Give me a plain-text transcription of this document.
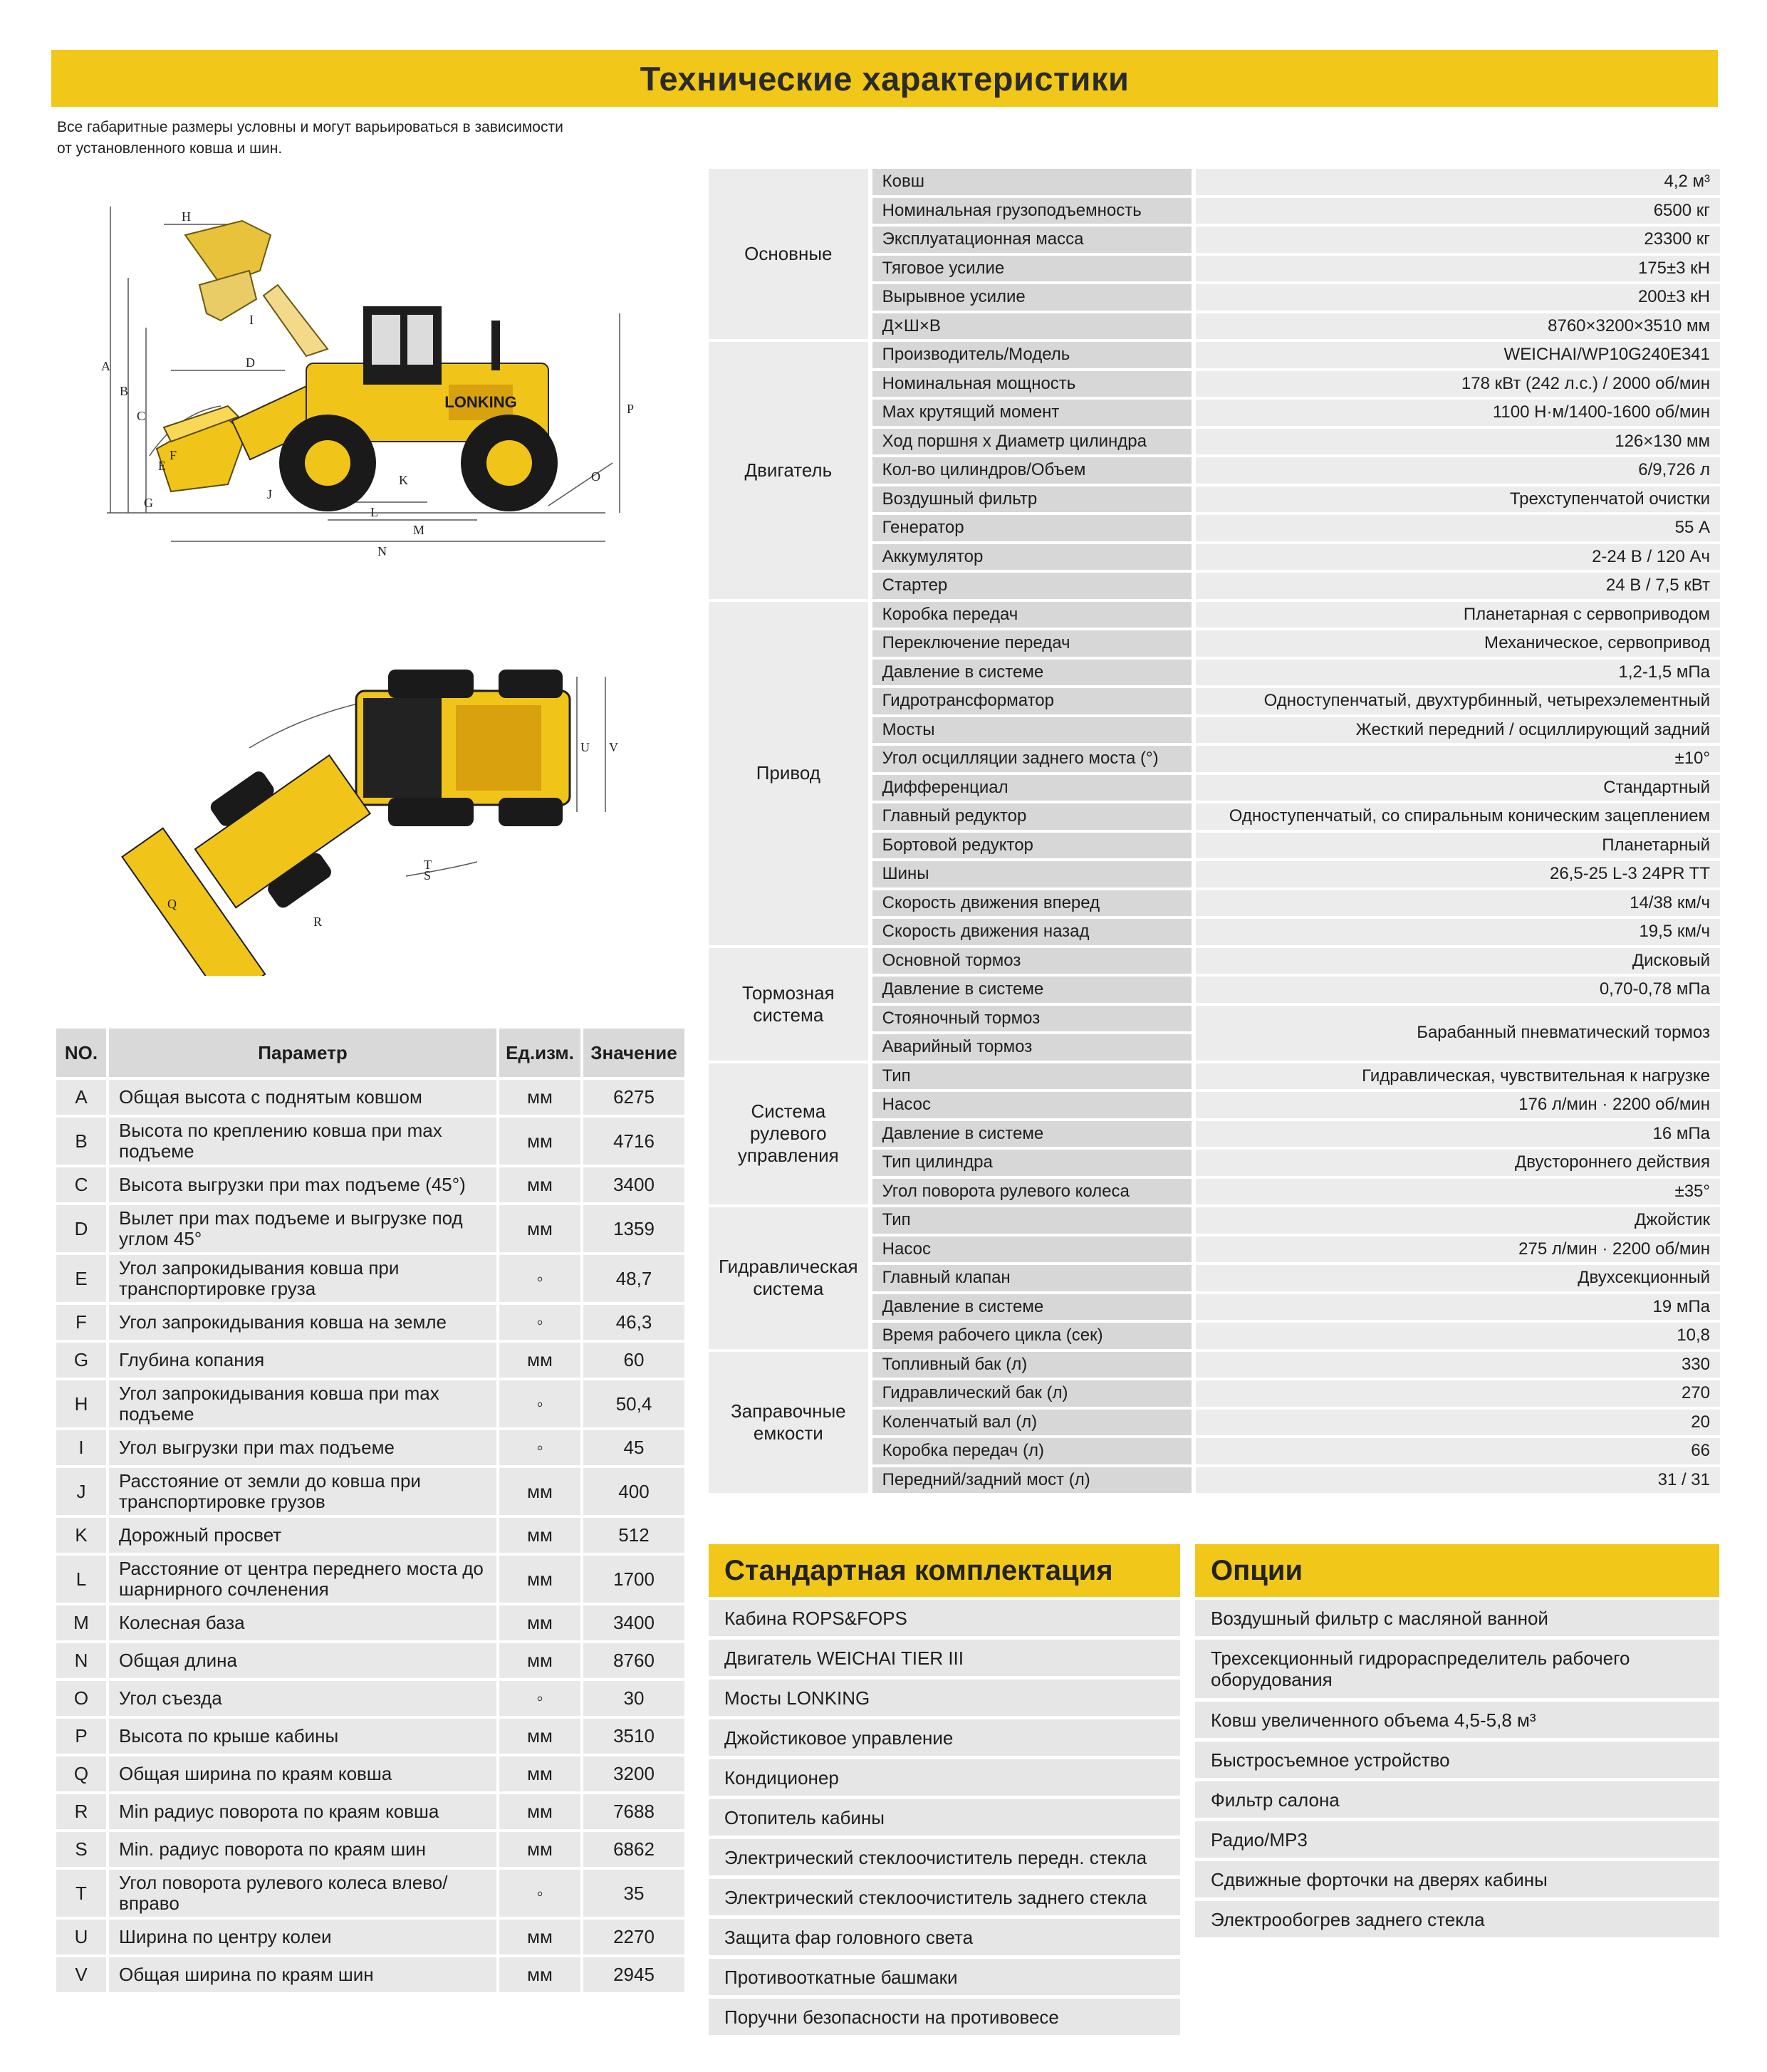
Технические характеристики
Все габаритные размеры условны и могут варьироваться в зависимости
от установленного ковша и шин.
LONKING
A
B
C
D
E
F
G
H
I
J
K
L
M
N
O
P
Q
R
S
T
U V
NO.	Параметр	Ед.изм.	Значение
A	Общая высота с поднятым ковшом	мм	6275
B	Высота по креплению ковша при max подъеме	мм	4716
C	Высота выгрузки при max подъеме (45°)	мм	3400
D	Вылет при max подъеме и выгрузке под углом 45°	мм	1359
E	Угол запрокидывания ковша при транспортировке груза	◦	48,7
F	Угол запрокидывания ковша на земле	◦	46,3
G	Глубина копания	мм	60
H	Угол запрокидывания ковша при max подъеме	◦	50,4
I	Угол выгрузки при max подъеме	◦	45
J	Расстояние от земли до ковша при транспортировке грузов	мм	400
K	Дорожный просвет	мм	512
L	Расстояние от центра переднего моста до шарнирного сочленения	мм	1700
M	Колесная база	мм	3400
N	Общая длина	мм	8760
O	Угол съезда	◦	30
P	Высота по крыше кабины	мм	3510
Q	Общая ширина по краям ковша	мм	3200
R	Min радиус поворота по краям ковша	мм	7688
S	Min. радиус поворота по краям шин	мм	6862
T	Угол поворота рулевого колеса влево/вправо	◦	35
U	Ширина по центру колеи	мм	2270
V	Общая ширина по краям шин	мм	2945
Основные	Ковш	4,2 м³
	Номинальная грузоподъемность	6500 кг
	Эксплуатационная масса	23300 кг
	Тяговое усилие	175±3 кН
	Вырывное усилие	200±3 кН
	Д×Ш×В	8760×3200×3510 мм
Двигатель	Производитель/Модель	WEICHAI/WP10G240E341
	Номинальная мощность	178 кВт (242 л.с.) / 2000 об/мин
	Max крутящий момент	1100 Н·м/1400-1600 об/мин
	Ход поршня х Диаметр цилиндра	126×130 мм
	Кол-во цилиндров/Объем	6/9,726 л
	Воздушный фильтр	Трехступенчатой очистки
	Генератор	55 А
	Аккумулятор	2-24 В / 120 Ач
	Стартер	24 В / 7,5 кВт
Привод	Коробка передач	Планетарная с сервоприводом
	Переключение передач	Механическое, сервопривод
	Давление в системе	1,2-1,5 мПа
	Гидротрансформатор	Одноступенчатый, двухтурбинный, четырехэлементный
	Мосты	Жесткий передний / осциллирующий задний
	Угол осцилляции заднего моста (°)	±10°
	Дифференциал	Стандартный
	Главный редуктор	Одноступенчатый, со спиральным коническим зацеплением
	Бортовой редуктор	Планетарный
	Шины	26,5-25 L-3 24PR TT
	Скорость движения вперед	14/38 км/ч
	Скорость движения назад	19,5 км/ч
Тормозная система	Основной тормоз	Дисковый
	Давление в системе	0,70-0,78 мПа
	Стояночный тормоз	Барабанный пневматический тормоз
	Аварийный тормоз	
Система рулевого управления	Тип	Гидравлическая, чувствительная к нагрузке
	Насос	176 л/мин · 2200 об/мин
	Давление в системе	16 мПа
	Тип цилиндра	Двустороннего действия
	Угол поворота рулевого колеса	±35°
Гидравлическая система	Тип	Джойстик
	Насос	275 л/мин · 2200 об/мин
	Главный клапан	Двухсекционный
	Давление в системе	19 мПа
	Время рабочего цикла (сек)	10,8
Заправочные емкости	Топливный бак (л)	330
	Гидравлический бак (л)	270
	Коленчатый вал (л)	20
	Коробка передач (л)	66
	Передний/задний мост (л)	31 / 31
Стандартная комплектация
Кабина ROPS&FOPS
Двигатель WEICHAI TIER III
Мосты LONKING
Джойстиковое управление
Кондиционер
Отопитель кабины
Электрический стеклоочиститель передн. стекла
Электрический стеклоочиститель заднего стекла
Защита фар головного света
Противооткатные башмаки
Поручни безопасности на противовесе
Опции
Воздушный фильтр с масляной ванной
Трехсекционный гидрораспределитель рабочего оборудования
Ковш увеличенного объема 4,5-5,8 м³
Быстросъемное устройство
Фильтр салона
Радио/MP3
Сдвижные форточки на дверях кабины
Электрообогрев заднего стекла
